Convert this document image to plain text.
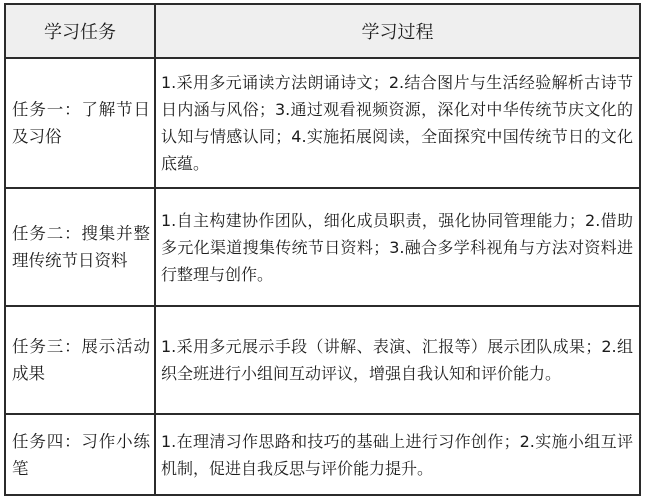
学习任务	学习过程

任务一：了解节日及习俗	1.采用多元诵读方法朗诵诗文；2.结合图片与生活经验解析古诗节日内涵与风俗；3.通过观看视频资源，深化对中华传统节庆文化的认知与情感认同；4.实施拓展阅读，全面探究中国传统节日的文化底蕴。

任务二：搜集并整理传统节日资料	1.自主构建协作团队，细化成员职责，强化协同管理能力；2.借助多元化渠道搜集传统节日资料；3.融合多学科视角与方法对资料进行整理与创作。

任务三：展示活动成果	1.采用多元展示手段（讲解、表演、汇报等）展示团队成果；2.组织全班进行小组间互动评议，增强自我认知和评价能力。

任务四：习作小练笔	1.在理清习作思路和技巧的基础上进行习作创作；2.实施小组互评机制，促进自我反思与评价能力提升。
